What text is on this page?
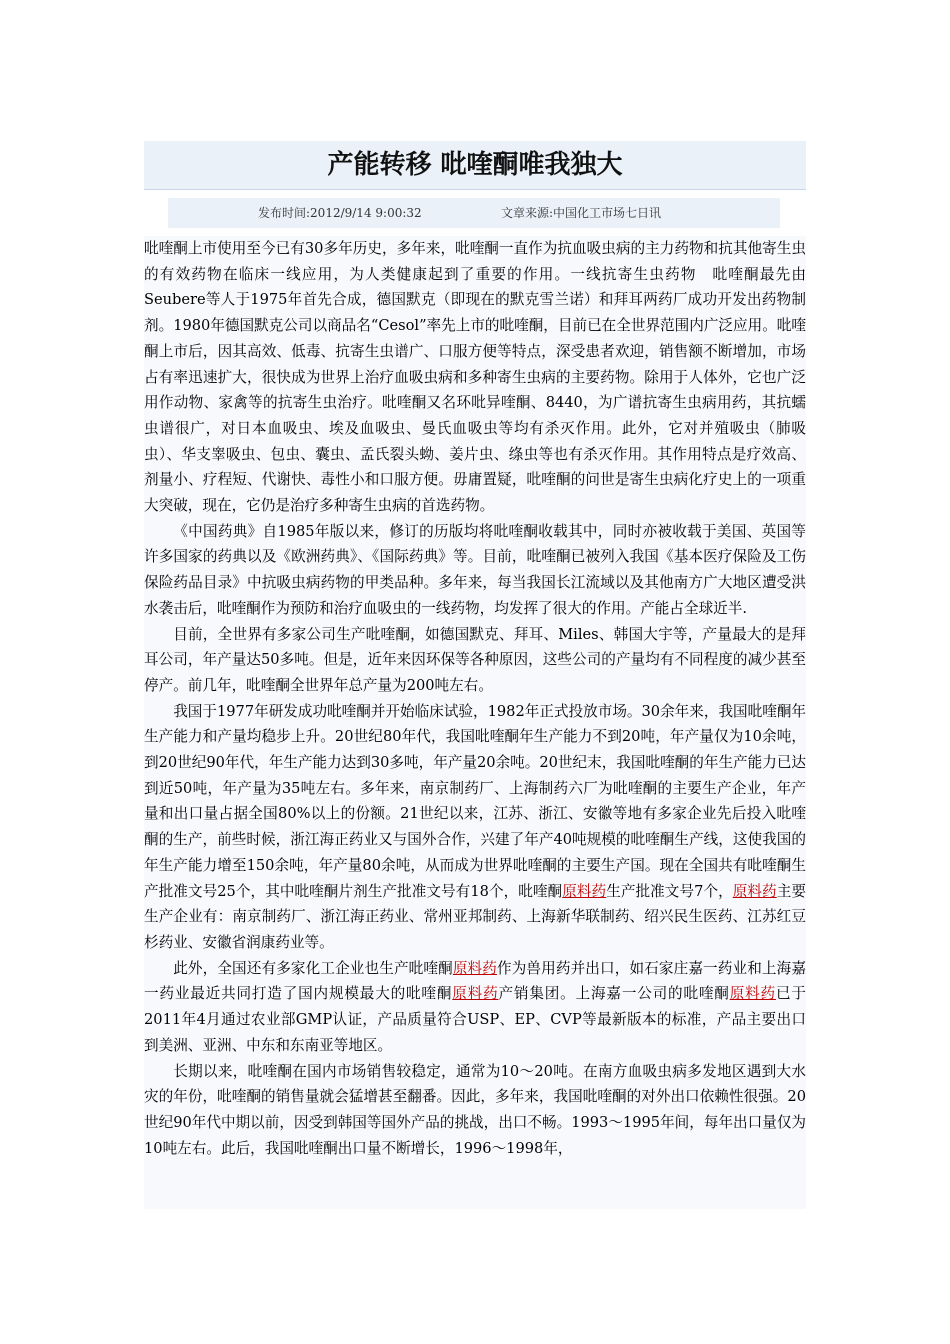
产能转移 吡喹酮唯我独大
发布时间:2012/9/14 9:00:32	文章来源:中国化工市场七日讯

吡喹酮上市使用至今已有30多年历史，多年来，吡喹酮一直作为抗血吸虫病的主力药物和抗其他寄生虫的有效药物在临床一线应用，为人类健康起到了重要的作用。一线抗寄生虫药物　吡喹酮最先由Seubere等人于1975年首先合成，德国默克（即现在的默克雪兰诺）和拜耳两药厂成功开发出药物制剂。1980年德国默克公司以商品名“Cesol”率先上市的吡喹酮，目前已在全世界范围内广泛应用。吡喹酮上市后，因其高效、低毒、抗寄生虫谱广、口服方便等特点，深受患者欢迎，销售额不断增加，市场占有率迅速扩大，很快成为世界上治疗血吸虫病和多种寄生虫病的主要药物。除用于人体外，它也广泛用作动物、家禽等的抗寄生虫治疗。吡喹酮又名环吡异喹酮、8440，为广谱抗寄生虫病用药，其抗蠕虫谱很广，对日本血吸虫、埃及血吸虫、曼氏血吸虫等均有杀灭作用。此外，它对并殖吸虫（肺吸虫）、华支睾吸虫、包虫、囊虫、孟氏裂头蚴、姜片虫、绦虫等也有杀灭作用。其作用特点是疗效高、剂量小、疗程短、代谢快、毒性小和口服方便。毋庸置疑，吡喹酮的问世是寄生虫病化疗史上的一项重大突破，现在，它仍是治疗多种寄生虫病的首选药物。

《中国药典》自1985年版以来，修订的历版均将吡喹酮收载其中，同时亦被收载于美国、英国等许多国家的药典以及《欧洲药典》、《国际药典》等。目前，吡喹酮已被列入我国《基本医疗保险及工伤保险药品目录》中抗吸虫病药物的甲类品种。多年来，每当我国长江流域以及其他南方广大地区遭受洪水袭击后，吡喹酮作为预防和治疗血吸虫的一线药物，均发挥了很大的作用。产能占全球近半.

目前，全世界有多家公司生产吡喹酮，如德国默克、拜耳、Miles、韩国大宇等，产量最大的是拜耳公司，年产量达50多吨。但是，近年来因环保等各种原因，这些公司的产量均有不同程度的减少甚至停产。前几年，吡喹酮全世界年总产量为200吨左右。

我国于1977年研发成功吡喹酮并开始临床试验，1982年正式投放市场。30余年来，我国吡喹酮年生产能力和产量均稳步上升。20世纪80年代，我国吡喹酮年生产能力不到20吨，年产量仅为10余吨，到20世纪90年代，年生产能力达到30多吨，年产量20余吨。20世纪末，我国吡喹酮的年生产能力已达到近50吨，年产量为35吨左右。多年来，南京制药厂、上海制药六厂为吡喹酮的主要生产企业，年产量和出口量占据全国80%以上的份额。21世纪以来，江苏、浙江、安徽等地有多家企业先后投入吡喹酮的生产，前些时候，浙江海正药业又与国外合作，兴建了年产40吨规模的吡喹酮生产线，这使我国的年生产能力增至150余吨，年产量80余吨，从而成为世界吡喹酮的主要生产国。现在全国共有吡喹酮生产批准文号25个，其中吡喹酮片剂生产批准文号有18个，吡喹酮原料药生产批准文号7个，原料药主要生产企业有：南京制药厂、浙江海正药业、常州亚邦制药、上海新华联制药、绍兴民生医药、江苏红豆杉药业、安徽省润康药业等。

此外，全国还有多家化工企业也生产吡喹酮原料药作为兽用药并出口，如石家庄嘉一药业和上海嘉一药业最近共同打造了国内规模最大的吡喹酮原料药产销集团。上海嘉一公司的吡喹酮原料药已于2011年4月通过农业部GMP认证，产品质量符合USP、EP、CVP等最新版本的标准，产品主要出口到美洲、亚洲、中东和东南亚等地区。

长期以来，吡喹酮在国内市场销售较稳定，通常为10～20吨。在南方血吸虫病多发地区遇到大水灾的年份，吡喹酮的销售量就会猛增甚至翻番。因此，多年来，我国吡喹酮的对外出口依赖性很强。20世纪90年代中期以前，因受到韩国等国外产品的挑战，出口不畅。1993～1995年间，每年出口量仅为10吨左右。此后，我国吡喹酮出口量不断增长，1996～1998年，
